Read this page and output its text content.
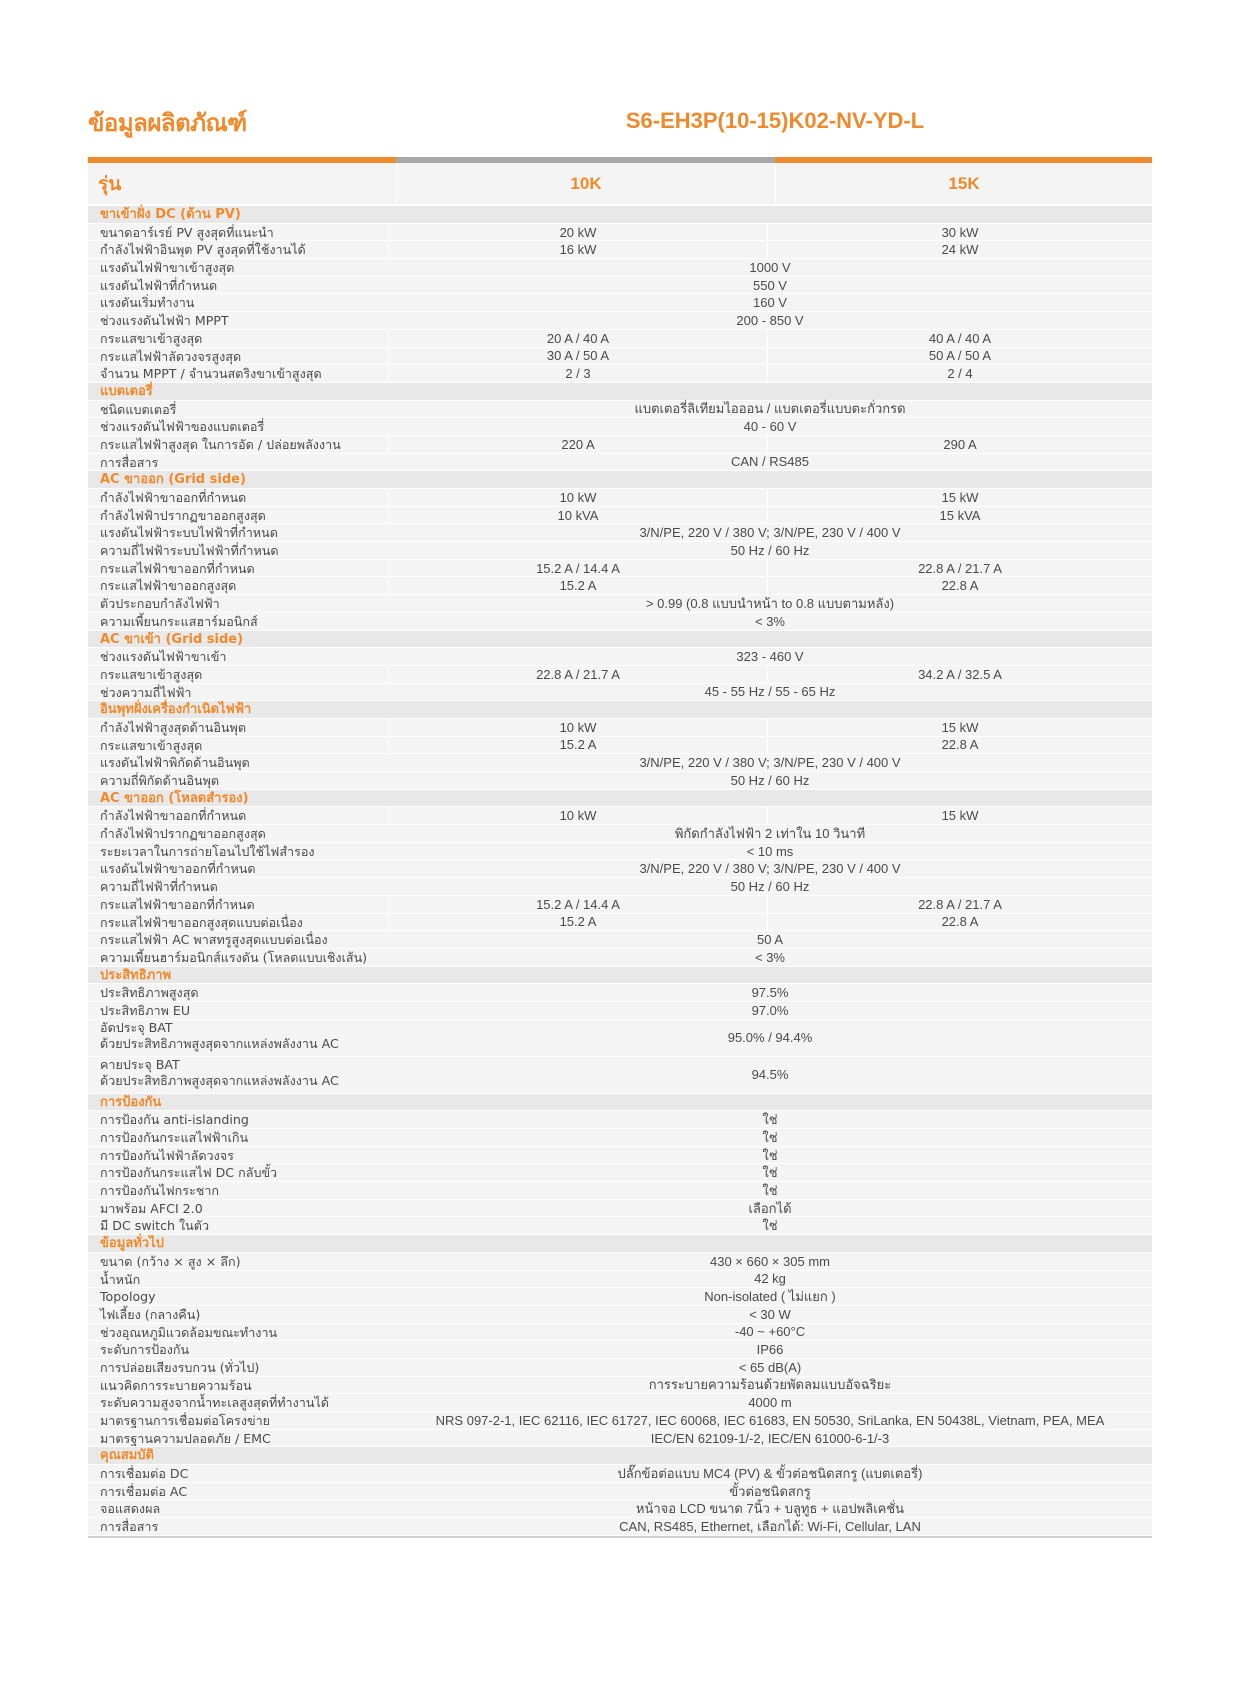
ข้อมูลผลิตภัณฑ์	S6-EH3P(10-15)K02-NV-YD-L
รุ่น	10K	15K
ขาเข้าฝั่ง DC (ด้าน PV)
ขนาดอาร์เรย์ PV สูงสุดที่แนะนำ	20 kW	30 kW
กำลังไฟฟ้าอินพุต PV สูงสุดที่ใช้งานได้	16 kW	24 kW
แรงดันไฟฟ้าขาเข้าสูงสุด	1000 V
แรงดันไฟฟ้าที่กำหนด	550 V
แรงดันเริ่มทำงาน	160 V
ช่วงแรงดันไฟฟ้า MPPT	200 - 850 V
กระแสขาเข้าสูงสุด	20 A / 40 A	40 A / 40 A
กระแสไฟฟ้าลัดวงจรสูงสุด	30 A / 50 A	50 A / 50 A
จำนวน MPPT / จำนวนสตริงขาเข้าสูงสุด	2 / 3	2 / 4
แบตเตอรี่
ชนิดแบตเตอรี่	แบตเตอรี่ลิเทียมไอออน / แบตเตอรี่แบบตะกั่วกรด
ช่วงแรงดันไฟฟ้าของแบตเตอรี่	40 - 60 V
กระแสไฟฟ้าสูงสุด ในการอัด / ปล่อยพลังงาน	220 A	290 A
การสื่อสาร	CAN / RS485
AC ขาออก (Grid side)
กำลังไฟฟ้าขาออกที่กำหนด	10 kW	15 kW
กำลังไฟฟ้าปรากฏขาออกสูงสุด	10 kVA	15 kVA
แรงดันไฟฟ้าระบบไฟฟ้าที่กำหนด	3/N/PE, 220 V / 380 V; 3/N/PE, 230 V / 400 V
ความถี่ไฟฟ้าระบบไฟฟ้าที่กำหนด	50 Hz / 60 Hz
กระแสไฟฟ้าขาออกที่กำหนด	15.2 A / 14.4 A	22.8 A / 21.7 A
กระแสไฟฟ้าขาออกสูงสุด	15.2 A	22.8 A
ตัวประกอบกำลังไฟฟ้า	> 0.99 (0.8 แบบนำหน้า to 0.8 แบบตามหลัง)
ความเพี้ยนกระแสฮาร์มอนิกส์	< 3%
AC ขาเข้า (Grid side)
ช่วงแรงดันไฟฟ้าขาเข้า	323 - 460 V
กระแสขาเข้าสูงสุด	22.8 A / 21.7 A	34.2 A / 32.5 A
ช่วงความถี่ไฟฟ้า	45 - 55 Hz / 55 - 65 Hz
อินพุทฝั่งเครื่องกำเนิดไฟฟ้า
กำลังไฟฟ้าสูงสุดด้านอินพุต	10 kW	15 kW
กระแสขาเข้าสูงสุด	15.2 A	22.8 A
แรงดันไฟฟ้าพิกัดด้านอินพุต	3/N/PE, 220 V / 380 V; 3/N/PE, 230 V / 400 V
ความถี่พิกัดด้านอินพุต	50 Hz / 60 Hz
AC ขาออก (โหลดสำรอง)
กำลังไฟฟ้าขาออกที่กำหนด	10 kW	15 kW
กำลังไฟฟ้าปรากฏขาออกสูงสุด	พิกัดกำลังไฟฟ้า 2 เท่าใน 10 วินาที
ระยะเวลาในการถ่ายโอนไปใช้ไฟสำรอง	< 10 ms
แรงดันไฟฟ้าขาออกที่กำหนด	3/N/PE, 220 V / 380 V; 3/N/PE, 230 V / 400 V
ความถี่ไฟฟ้าที่กำหนด	50 Hz / 60 Hz
กระแสไฟฟ้าขาออกที่กำหนด	15.2 A / 14.4 A	22.8 A / 21.7 A
กระแสไฟฟ้าขาออกสูงสุดแบบต่อเนื่อง	15.2 A	22.8 A
กระแสไฟฟ้า AC พาสทรูสูงสุดแบบต่อเนื่อง	50 A
ความเพี้ยนฮาร์มอนิกส์แรงดัน (โหลดแบบเชิงเส้น)	< 3%
ประสิทธิภาพ
ประสิทธิภาพสูงสุด	97.5%
ประสิทธิภาพ EU	97.0%
อัดประจุ BAT
ด้วยประสิทธิภาพสูงสุดจากแหล่งพลังงาน AC	95.0% / 94.4%
คายประจุ BAT
ด้วยประสิทธิภาพสูงสุดจากแหล่งพลังงาน AC	94.5%
การป้องกัน
การป้องกัน anti-islanding	ใช่
การป้องกันกระแสไฟฟ้าเกิน	ใช่
การป้องกันไฟฟ้าลัดวงจร	ใช่
การป้องกันกระแสไฟ DC กลับขั้ว	ใช่
การป้องกันไฟกระชาก	ใช่
มาพร้อม AFCI 2.0	เลือกได้
มี DC switch ในตัว	ใช่
ข้อมูลทั่วไป
ขนาด (กว้าง × สูง × ลึก)	430 × 660 × 305 mm
น้ำหนัก	42 kg
Topology	Non-isolated ( ไม่แยก )
ไฟเลี้ยง (กลางคืน)	< 30 W
ช่วงอุณหภูมิแวดล้อมขณะทำงาน	-40 ~ +60°C
ระดับการป้องกัน	IP66
การปล่อยเสียงรบกวน (ทั่วไป)	< 65 dB(A)
แนวคิดการระบายความร้อน	การระบายความร้อนด้วยพัดลมแบบอัจฉริยะ
ระดับความสูงจากน้ำทะเลสูงสุดที่ทำงานได้	4000 m
มาตรฐานการเชื่อมต่อโครงข่าย	NRS 097-2-1, IEC 62116, IEC 61727, IEC 60068, IEC 61683, EN 50530, SriLanka, EN 50438L, Vietnam, PEA, MEA
มาตรฐานความปลอดภัย / EMC	IEC/EN 62109-1/-2, IEC/EN 61000-6-1/-3
คุณสมบัติ
การเชื่อมต่อ DC	ปลั๊กข้อต่อแบบ MC4 (PV) & ขั้วต่อชนิดสกรู (แบตเตอรี่)
การเชื่อมต่อ AC	ขั้วต่อชนิดสกรู
จอแสดงผล	หน้าจอ LCD ขนาด 7นิ้ว + บลูทูธ + แอปพลิเคชั่น
การสื่อสาร	CAN, RS485, Ethernet, เลือกได้: Wi-Fi, Cellular, LAN
